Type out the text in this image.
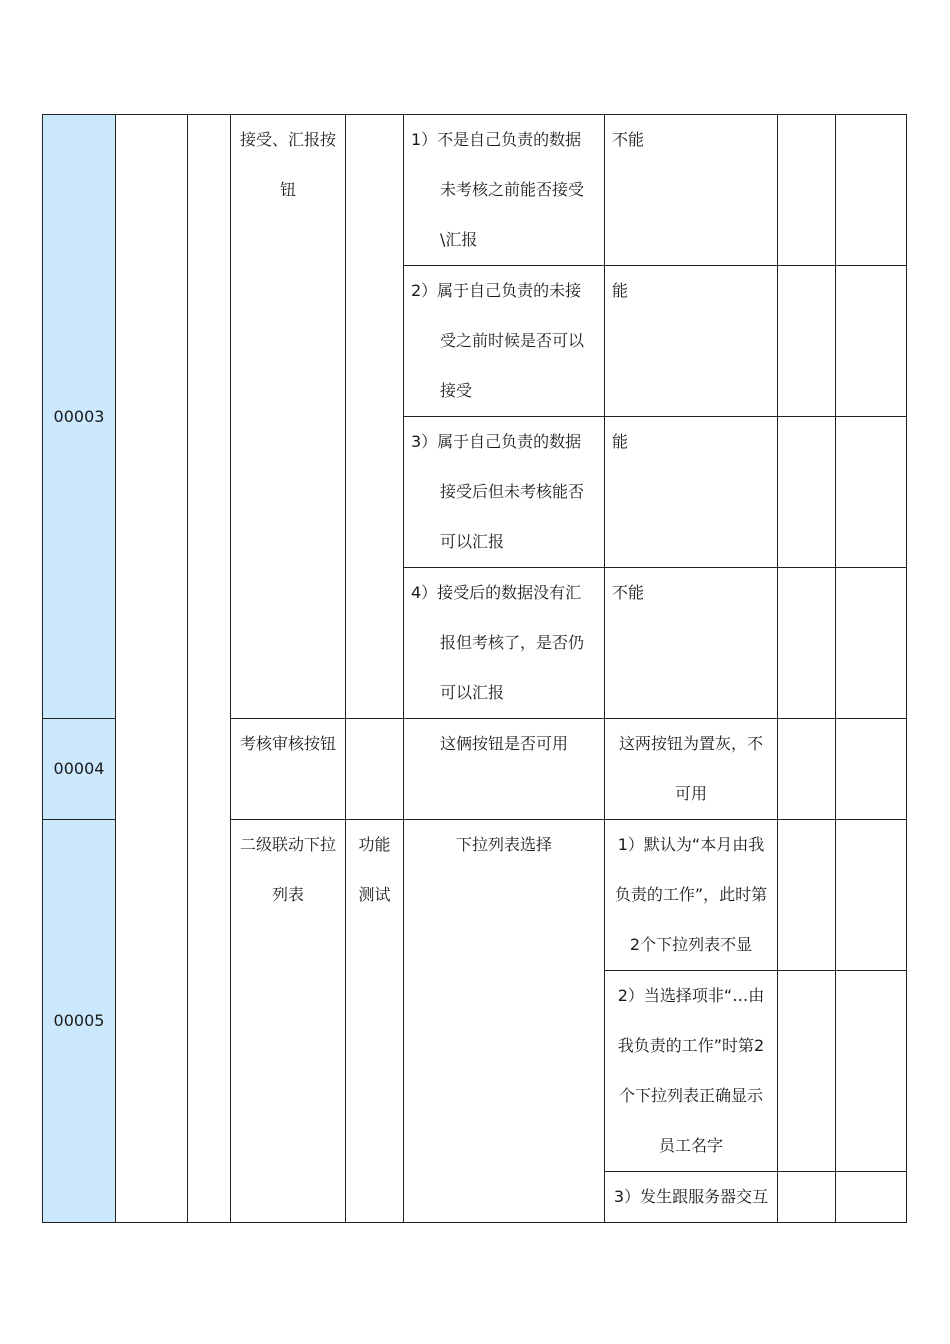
00003			接受、汇报按钮		1）不是自己负责的数据未考核之前能否接受\汇报	不能		

					2）属于自己负责的未接受之前时候是否可以接受	能		

					3）属于自己负责的数据接受后但未考核能否可以汇报	能		

					4）接受后的数据没有汇报但考核了，是否仍可以汇报	不能		
00004			考核审核按钮		这俩按钮是否可用	这两按钮为置灰，不可用		
00005			二级联动下拉列表	功能测试	下拉列表选择	1）默认为“本月由我负责的工作”，此时第2个下拉列表不显		
						2）当选择项非“…由我负责的工作”时第2个下拉列表正确显示员工名字		
						3）发生跟服务器交互		
